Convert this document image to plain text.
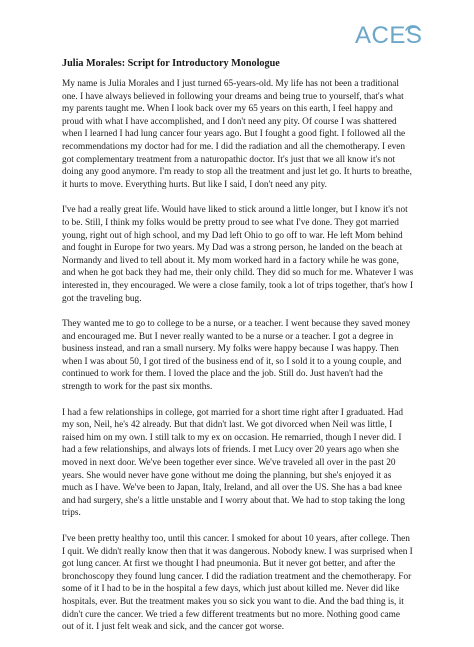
ACES
Julia Morales: Script for Introductory Monologue

My name is Julia Morales and I just turned 65-years-old. My life has not been a traditional one. I have always believed in following your dreams and being true to yourself, that's what my parents taught me. When I look back over my 65 years on this earth, I feel happy and proud with what I have accomplished, and I don't need any pity. Of course I was shattered when I learned I had lung cancer four years ago. But I fought a good fight. I followed all the recommendations my doctor had for me. I did the radiation and all the chemotherapy. I even got complementary treatment from a naturopathic doctor. It's just that we all know it's not doing any good anymore. I'm ready to stop all the treatment and just let go. It hurts to breathe, it hurts to move. Everything hurts. But like I said, I don't need any pity.

I've had a really great life. Would have liked to stick around a little longer, but I know it's not to be. Still, I think my folks would be pretty proud to see what I've done. They got married young, right out of high school, and my Dad left Ohio to go off to war. He left Mom behind and fought in Europe for two years. My Dad was a strong person, he landed on the beach at Normandy and lived to tell about it. My mom worked hard in a factory while he was gone, and when he got back they had me, their only child. They did so much for me. Whatever I was interested in, they encouraged. We were a close family, took a lot of trips together, that's how I got the traveling bug.

They wanted me to go to college to be a nurse, or a teacher. I went because they saved money and encouraged me. But I never really wanted to be a nurse or a teacher. I got a degree in business instead, and ran a small nursery. My folks were happy because I was happy. Then when I was about 50, I got tired of the business end of it, so I sold it to a young couple, and continued to work for them. I loved the place and the job. Still do. Just haven't had the strength to work for the past six months.

I had a few relationships in college, got married for a short time right after I graduated. Had my son, Neil, he's 42 already. But that didn't last. We got divorced when Neil was little, I raised him on my own. I still talk to my ex on occasion. He remarried, though I never did. I had a few relationships, and always lots of friends. I met Lucy over 20 years ago when she moved in next door. We've been together ever since. We've traveled all over in the past 20 years. She would never have gone without me doing the planning, but she's enjoyed it as much as I have. We've been to Japan, Italy, Ireland, and all over the US. She has a bad knee and had surgery, she's a little unstable and I worry about that. We had to stop taking the long trips.

I've been pretty healthy too, until this cancer. I smoked for about 10 years, after college. Then I quit. We didn't really know then that it was dangerous. Nobody knew. I was surprised when I got lung cancer. At first we thought I had pneumonia. But it never got better, and after the bronchoscopy they found lung cancer. I did the radiation treatment and the chemotherapy. For some of it I had to be in the hospital a few days, which just about killed me. Never did like hospitals, ever. But the treatment makes you so sick you want to die. And the bad thing is, it didn't cure the cancer. We tried a few different treatments but no more. Nothing good came out of it. I just felt weak and sick, and the cancer got worse.
